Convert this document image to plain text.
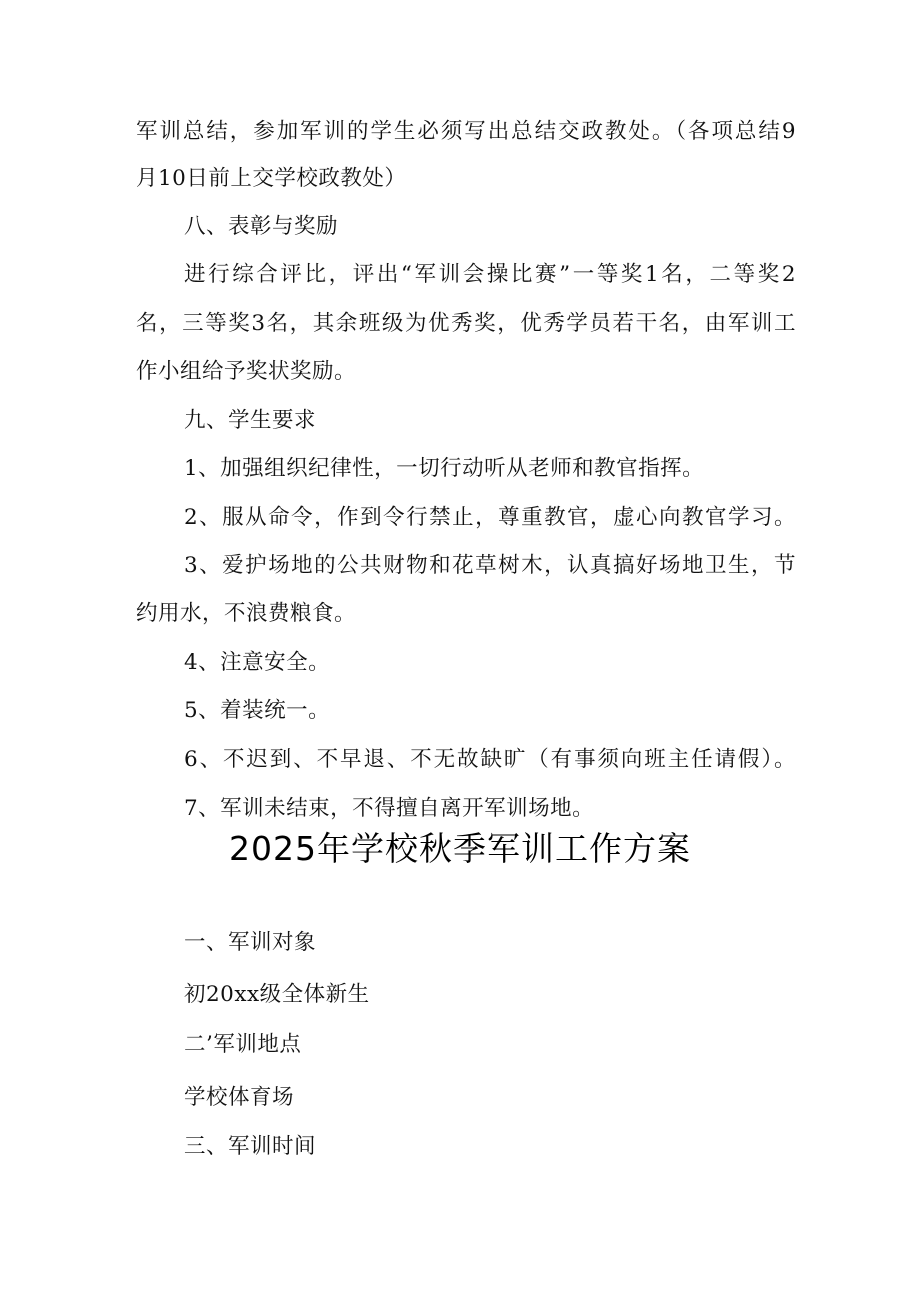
军训总结，参加军训的学生必须写出总结交政教处。（各项总结9
月10日前上交学校政教处）
八、表彰与奖励
进行综合评比，评出“军训会操比赛”一等奖1名，二等奖2
名，三等奖3名，其余班级为优秀奖，优秀学员若干名，由军训工
作小组给予奖状奖励。
九、学生要求
1、加强组织纪律性，一切行动听从老师和教官指挥。
2、服从命令，作到令行禁止，尊重教官，虚心向教官学习。
3、爱护场地的公共财物和花草树木，认真搞好场地卫生，节
约用水，不浪费粮食。
4、注意安全。
5、着装统一。
6、不迟到、不早退、不无故缺旷（有事须向班主任请假）。
7、军训未结束，不得擅自离开军训场地。
2025年学校秋季军训工作方案
一、军训对象
初20xx级全体新生
二’军训地点
学校体育场
三、军训时间
